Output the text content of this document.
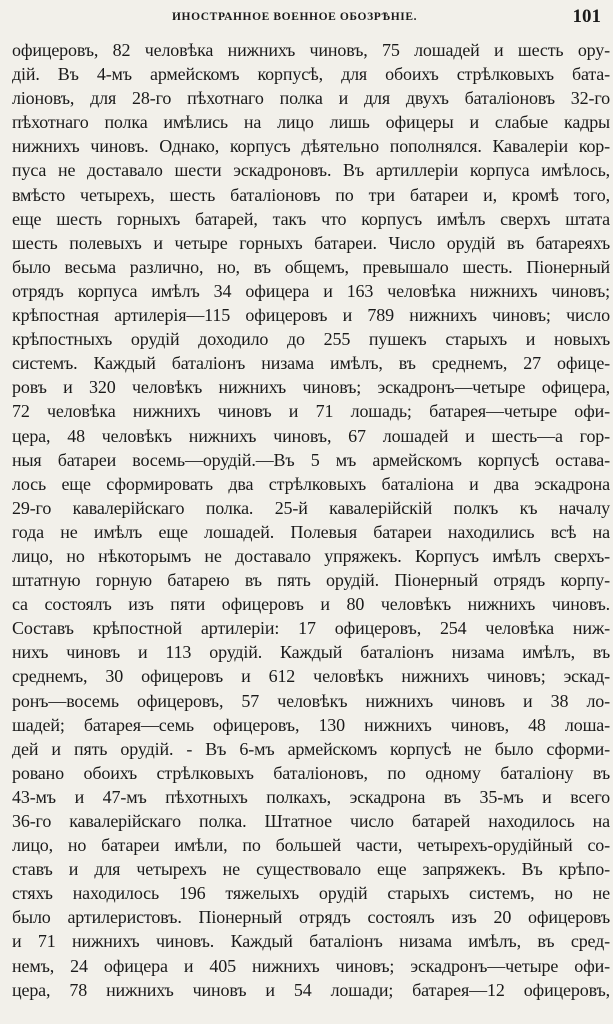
ИНОСТРАННОЕ ВОЕННОЕ ОБОЗРѢНІЕ.	101
офицеровъ, 82 человѣка нижнихъ чиновъ, 75 лошадей и шесть ору-
дій. Въ 4-мъ армейскомъ корпусѣ, для обоихъ стрѣлковыхъ бата-
ліоновъ, для 28-го пѣхотнаго полка и для двухъ баталіоновъ 32-го
пѣхотнаго полка имѣлись на лицо лишь офицеры и слабые кадры
нижнихъ чиновъ. Однако, корпусъ дѣятельно пополнялся. Кавалеріи кор-
пуса не доставало шести эскадроновъ. Въ артиллеріи корпуса имѣлось,
вмѣсто четырехъ, шесть баталіоновъ по три батареи и, кромѣ того,
еще шесть горныхъ батарей, такъ что корпусъ имѣлъ сверхъ штата
шесть полевыхъ и четыре горныхъ батареи. Число орудій въ батареяхъ
было весьма различно, но, въ общемъ, превышало шесть. Піонерный
отрядъ корпуса имѣлъ 34 офицера и 163 человѣка нижнихъ чиновъ;
крѣпостная артилерія—115 офицеровъ и 789 нижнихъ чиновъ; число
крѣпостныхъ орудій доходило до 255 пушекъ старыхъ и новыхъ
системъ. Каждый баталіонъ низама имѣлъ, въ среднемъ, 27 офице-
ровъ и 320 человѣкъ нижнихъ чиновъ; эскадронъ—четыре офицера,
72 человѣка нижнихъ чиновъ и 71 лошадь; батарея—четыре офи-
цера, 48 человѣкъ нижнихъ чиновъ, 67 лошадей и шесть—а гор-
ныя батареи восемь—орудій.—Въ 5 мъ армейскомъ корпусѣ остава-
лось еще сформировать два стрѣлковыхъ баталіона и два эскадрона
29-го кавалерійскаго полка. 25-й кавалерійскій полкъ къ началу
года не имѣлъ еще лошадей. Полевыя батареи находились всѣ на
лицо, но нѣкоторымъ не доставало упряжекъ. Корпусъ имѣлъ сверхъ-
штатную горную батарею въ пять орудій. Піонерный отрядъ корпу-
са состоялъ изъ пяти офицеровъ и 80 человѣкъ нижнихъ чиновъ.
Составъ крѣпостной артилеріи: 17 офицеровъ, 254 человѣка ниж-
нихъ чиновъ и 113 орудій. Каждый баталіонъ низама имѣлъ, въ
среднемъ, 30 офицеровъ и 612 человѣкъ нижнихъ чиновъ; эскад-
ронъ—восемь офицеровъ, 57 человѣкъ нижнихъ чиновъ и 38 ло-
шадей; батарея—семь офицеровъ, 130 нижнихъ чиновъ, 48 лоша-
дей и пять орудій. - Въ 6-мъ армейскомъ корпусѣ не было сформи-
ровано обоихъ стрѣлковыхъ баталіоновъ, по одному баталіону въ
43-мъ и 47-мъ пѣхотныхъ полкахъ, эскадрона въ 35-мъ и всего
36-го кавалерійскаго полка. Штатное число батарей находилось на
лицо, но батареи имѣли, по большей части, четырехъ-орудійный со-
ставъ и для четырехъ не существовало еще запряжекъ. Въ крѣпо-
стяхъ находилось 196 тяжелыхъ орудій старыхъ системъ, но не
было артилеристовъ. Піонерный отрядъ состоялъ изъ 20 офицеровъ
и 71 нижнихъ чиновъ. Каждый баталіонъ низама имѣлъ, въ сред-
немъ, 24 офицера и 405 нижнихъ чиновъ; эскадронъ—четыре офи-
цера, 78 нижнихъ чиновъ и 54 лошади; батарея—12 офицеровъ,
